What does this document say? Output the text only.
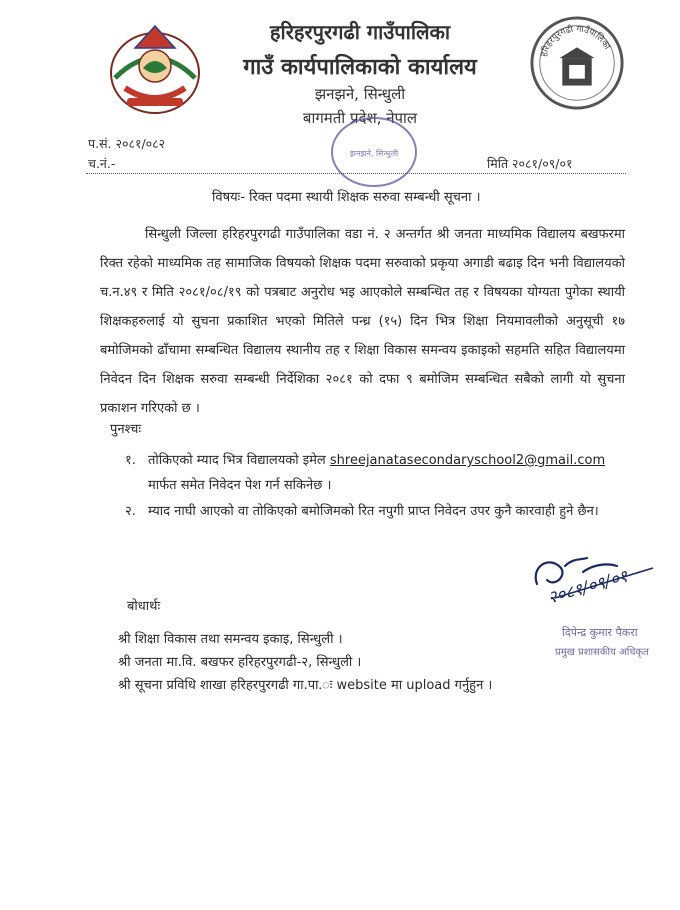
हरिहरपुरगढी गाउँपालिका
गाउँ कार्यपालिकाको कार्यालय
झनझने, सिन्धुली
बागमती प्रदेश, नेपाल
हरिहरपुरगढी गाउँपालिका
प.सं. २०८१/०८२
च.नं.-	मिति २०८१/०९/०१
झनझने, सिन्धुली
विषयः- रिक्त पदमा स्थायी शिक्षक सरुवा सम्बन्धी सूचना ।

सिन्धुली जिल्ला हरिहरपुरगढी गाउँपालिका वडा नं. २ अन्तर्गत श्री जनता माध्यमिक विद्यालय बखफरमा रिक्त रहेको माध्यमिक तह सामाजिक विषयको शिक्षक पदमा सरुवाको प्रकृया अगाडी बढाइ दिन भनी विद्यालयको च.न.४९ र मिति २०८१/०८/१९ को पत्रबाट अनुरोध भइ आएकोले सम्बन्धित तह र विषयका योग्यता पुगेका स्थायी शिक्षकहरुलाई यो सुचना प्रकाशित भएको मितिले पन्ध्र (१५) दिन भित्र शिक्षा नियमावलीको अनुसूची १७ बमोजिमको ढाँचामा सम्बन्धित विद्यालय स्थानीय तह र शिक्षा विकास समन्वय इकाइको सहमति सहित विद्यालयमा निवेदन दिन शिक्षक सरुवा सम्बन्धी निर्देशिका २०८१ को दफा ९ बमोजिम सम्बन्धित सबैको लागी यो सुचना प्रकाशन गरिएको छ ।

पुनश्चः
१. तोकिएको म्याद भित्र विद्यालयको इमेल shreejanatasecondaryschool2@gmail.com मार्फत समेत निवेदन पेश गर्न सकिनेछ ।
२. म्याद नाघी आएको वा तोकिएको बमोजिमको रित नपुगी प्राप्त निवेदन उपर कुनै कारवाही हुने छैन।
२०८१/०९/०१
दिपेन्द्र कुमार पैकरा
प्रमुख प्रशासकीय अधिकृत
बोधार्थः
श्री शिक्षा विकास तथा समन्वय इकाइ, सिन्धुली ।
श्री जनता मा.वि. बखफर हरिहरपुरगढी-२, सिन्धुली ।
श्री सूचना प्रविधि शाखा हरिहरपुरगढी गा.पा.ः website मा upload गर्नुहुन ।
